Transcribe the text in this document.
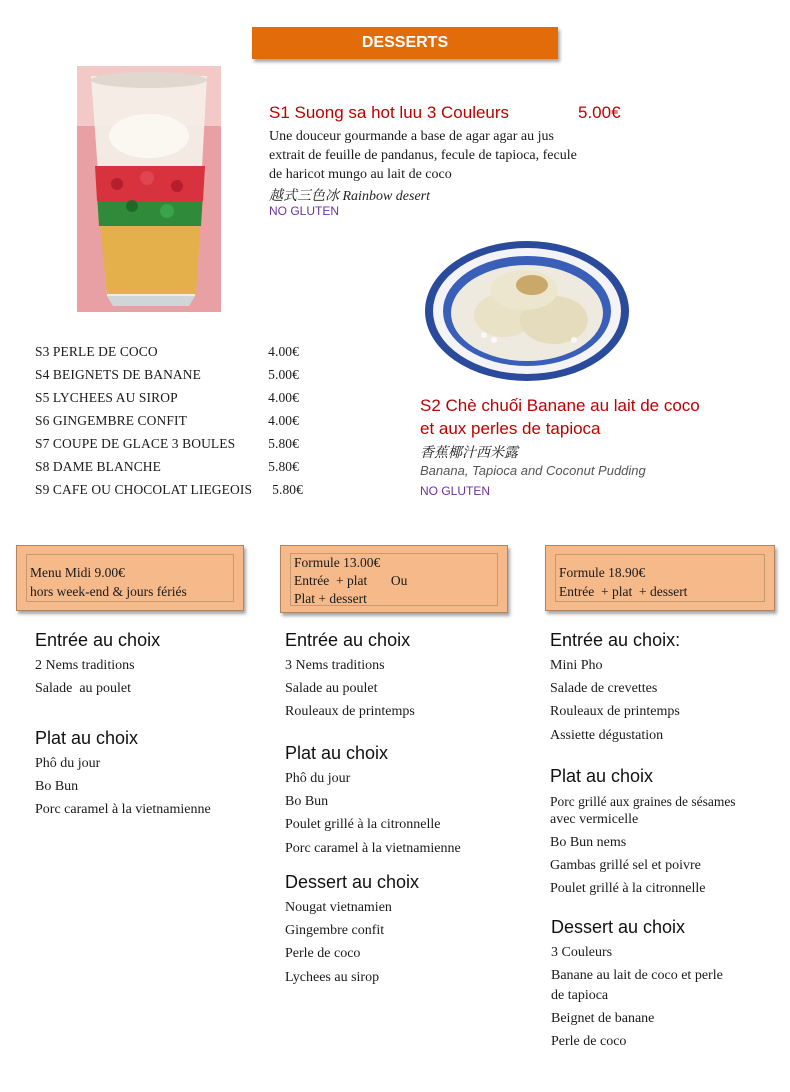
DESSERTS
S1 Suong sa hot luu 3 Couleurs	5.00€
Une douceur gourmande a base de agar agar au jus
extrait de feuille de pandanus, fecule de tapioca, fecule
de haricot mungo au lait de coco
越式三色冰 Rainbow desert
NO GLUTEN
S2 Chè chuối Banane au lait de coco
et aux perles de tapioca
香蕉椰汁西米露
Banana, Tapioca and Coconut Pudding
NO GLUTEN
S3 PERLE DE COCO	4.00€
S4 BEIGNETS DE BANANE	5.00€
S5 LYCHEES AU SIROP	4.00€
S6 GINGEMBRE CONFIT	4.00€
S7 COUPE DE GLACE 3 BOULES 5.80€
S8 DAME BLANCHE	5.80€
S9 CAFE OU CHOCOLAT LIEGEOIS 5.80€
Menu Midi 9.00€
hors week-end & jours fériés
Formule 13.00€
Entrée  + plat       Ou
Plat + dessert
Formule 18.90€
Entrée  + plat  + dessert
Entrée au choix
2 Nems traditions
Salade  au poulet
Plat au choix
Phô du jour
Bo Bun
Porc caramel à la vietnamienne
Entrée au choix
3 Nems traditions
Salade au poulet
Rouleaux de printemps
Plat au choix
Phô du jour
Bo Bun
Poulet grillé à la citronnelle
Porc caramel à la vietnamienne
Dessert au choix
Nougat vietnamien
Gingembre confit
Perle de coco
Lychees au sirop
Entrée au choix:
Mini Pho
Salade de crevettes
Rouleaux de printemps
Assiette dégustation
Plat au choix
Porc grillé aux graines de sésames
avec vermicelle
Bo Bun nems
Gambas grillé sel et poivre
Poulet grillé à la citronnelle
Dessert au choix
3 Couleurs
Banane au lait de coco et perle
de tapioca
Beignet de banane
Perle de coco
